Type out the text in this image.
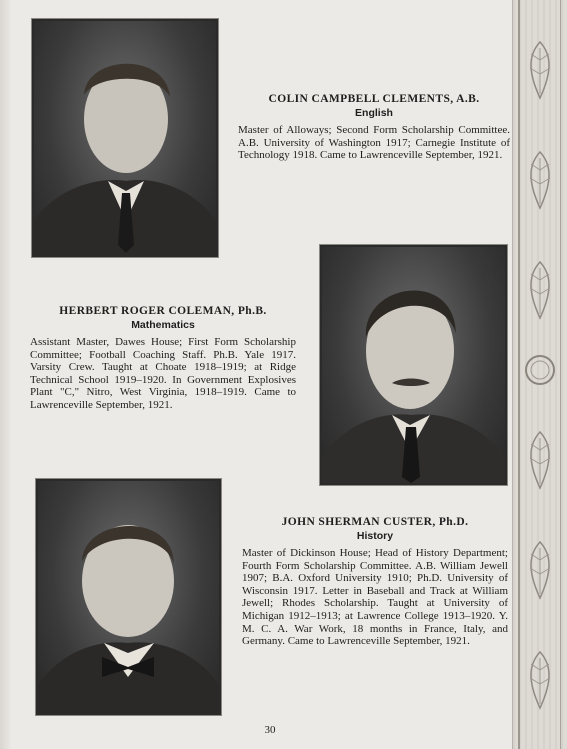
COLIN CAMPBELL CLEMENTS, A.B.

English

Master of Alloways; Second Form Scholarship Committee. A.B. University of Washington 1917; Carnegie Institute of Technology 1918. Came to Lawrenceville September, 1921.

HERBERT ROGER COLEMAN, Ph.B.

Mathematics

Assistant Master, Dawes House; First Form Scholarship Committee; Football Coaching Staff. Ph.B. Yale 1917. Varsity Crew. Taught at Choate 1918–1919; at Ridge Technical School 1919–1920. In Government Explosives Plant "C," Nitro, West Virginia, 1918–1919. Came to Lawrenceville September, 1921.

JOHN SHERMAN CUSTER, Ph.D.

History

Master of Dickinson House; Head of History Department; Fourth Form Scholarship Committee. A.B. William Jewell 1907; B.A. Oxford University 1910; Ph.D. University of Wisconsin 1917. Letter in Baseball and Track at William Jewell; Rhodes Scholarship. Taught at University of Michigan 1912–1913; at Lawrence College 1913–1920. Y. M. C. A. War Work, 18 months in France, Italy, and Germany. Came to Lawrenceville September, 1921.

30
